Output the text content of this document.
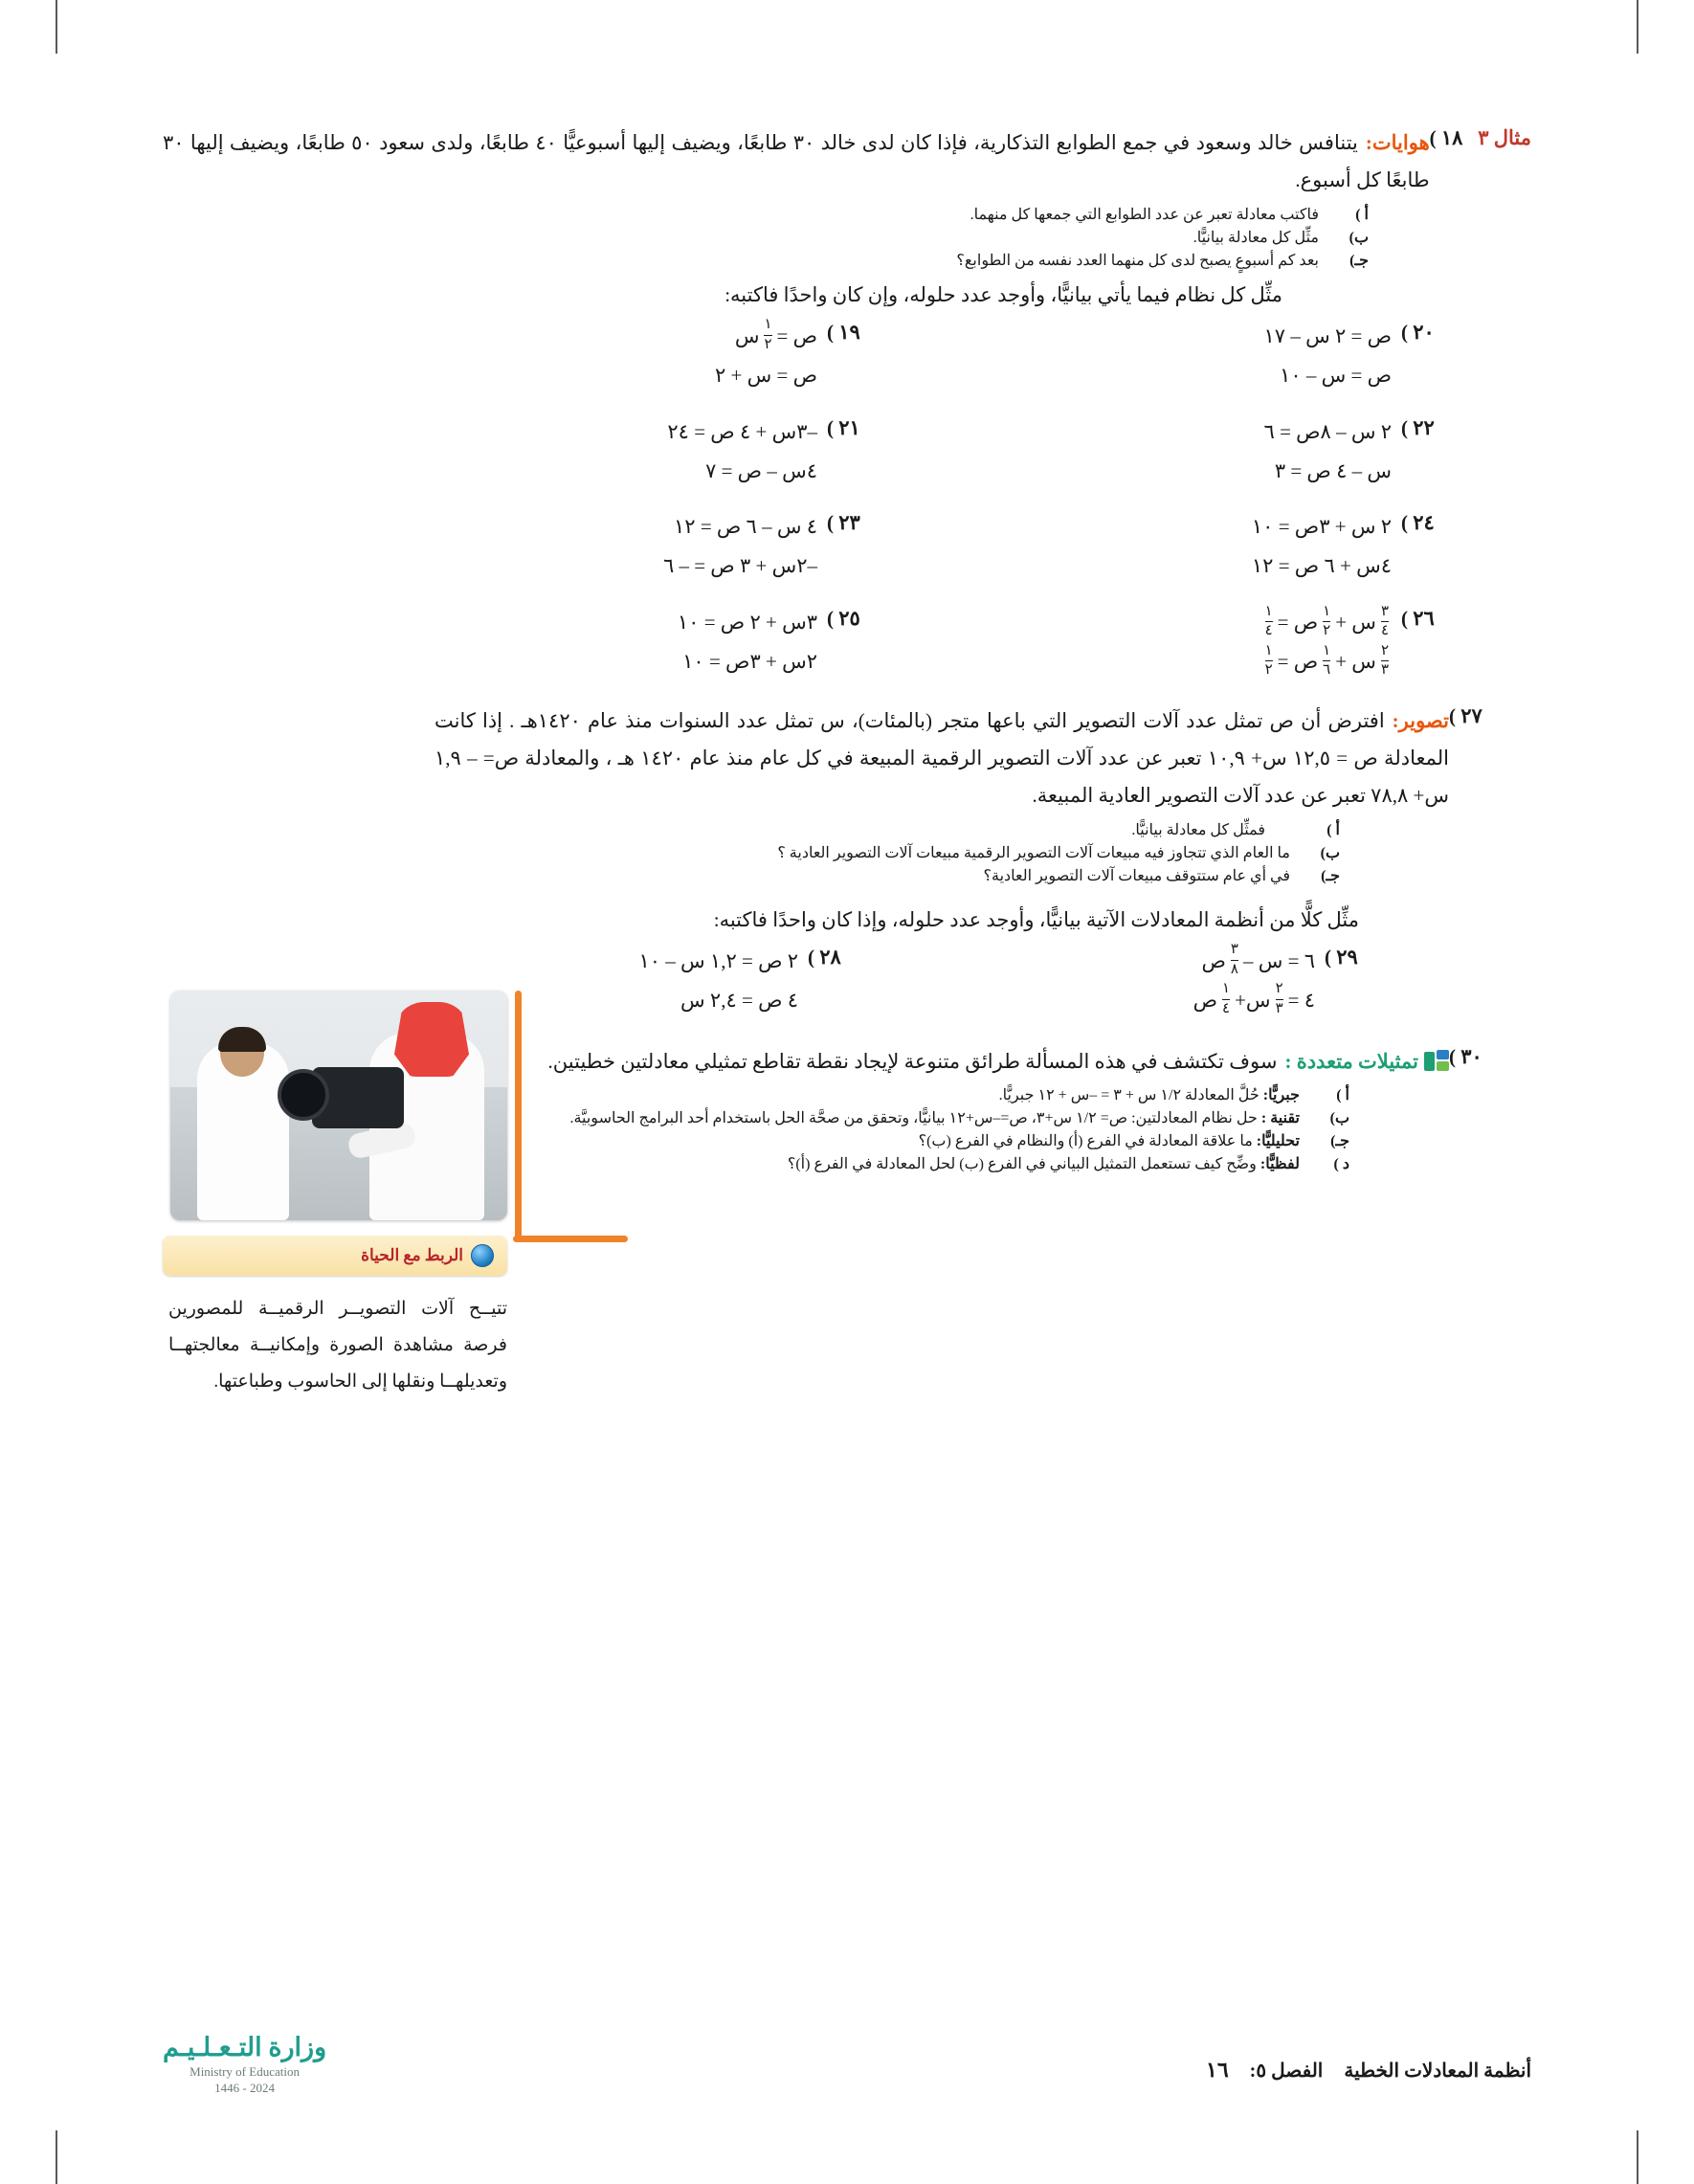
مثال ٣   ١٨ )
هوايات:يتنافس خالد وسعود في جمع الطوابع التذكارية، فإذا كان لدى خالد ٣٠ طابعًا، ويضيف إليها أسبوعيًّا ٤٠ طابعًا، ولدى سعود ٥٠ طابعًا، ويضيف إليها ٣٠ طابعًا كل أسبوع.
أ )
فاكتب معادلة تعبر عن عدد الطوابع التي جمعها كل منهما.
ب)
مثِّل كل معادلة بيانيًّا.
جـ)
بعد كم أسبوعٍ يصبح لدى كل منهما العدد نفسه من الطوابع؟
مثِّل كل نظام فيما يأتي بيانيًّا، وأوجد عدد حلوله، وإن كان واحدًا فاكتبه:
٢٠ )
ص = ٢ س – ١٧
ص = س – ١٠
١٩ )
ص =
$\frac{١}{٢}$
س
ص = س + ٢
٢٢ )
٢ س – ٨ص = ٦
س – ٤ ص = ٣
٢١ )
–٣س + ٤ ص = ٢٤
٤س – ص = ٧
٢٤ )
٢ س + ٣ص = ١٠
٤س + ٦ ص = ١٢
٢٣ )
٤ س – ٦ ص = ١٢
–٢س + ٣ ص = – ٦
٢٦ )
$\frac{٣}{٤}$
س +
$\frac{١}{٢}$
ص =
$\frac{١}{٤}$
$\frac{٢}{٣}$
س +
$\frac{١}{٦}$
ص =
$\frac{١}{٢}$
٢٥ )
٣س + ٢ ص = ١٠
٢س + ٣ص = ١٠
٢٧ )
تصوير:افترض أن ص تمثل عدد آلات التصوير التي باعها متجر (بالمئات)، س تمثل عدد السنوات منذ عام ١٤٢٠هـ . إذا كانت المعادلة ص = ١٢,٥ س+ ١٠,٩ تعبر عن عدد آلات التصوير الرقمية المبيعة في كل عام منذ عام ١٤٢٠ هـ ، والمعادلة ص= – ١,٩ س+ ٧٨,٨ تعبر عن عدد آلات التصوير العادية المبيعة.
أ )
فمثِّل كل معادلة بيانيًّا.
ب)
ما العام الذي تتجاوز فيه مبيعات آلات التصوير الرقمية مبيعات آلات التصوير العادية ؟
جـ)
في أي عام ستتوقف مبيعات آلات التصوير العادية؟
مثِّل كلًّا من أنظمة المعادلات الآتية بيانيًّا، وأوجد عدد حلوله، وإذا كان واحدًا فاكتبه:
٢٩ )
٦ = س –
$\frac{٣}{٨}$
ص
٤ =
$\frac{٢}{٣}$
س+
$\frac{١}{٤}$
ص
٢٨ )
٢ ص = ١,٢ س – ١٠
٤ ص = ٢,٤ س
٣٠ )
تمثيلات متعددة :سوف تكتشف في هذه المسألة طرائق متنوعة لإيجاد نقطة تقاطع تمثيلي معادلتين خطيتين.
أ )
جبريًّا: حُلَّ المعادلة ١/٢ س + ٣ = –س + ١٢ جبريًّا.
ب)
تقنية : حل نظام المعادلتين: ص= ١/٢ س+٣، ص=–س+١٢ بيانيًّا، وتحقق من صحَّة الحل باستخدام أحد البرامج الحاسوبيَّة.
جـ)
تحليليًّا: ما علاقة المعادلة في الفرع (أ) والنظام في الفرع (ب)؟
د )
لفظيًّا: وضِّح كيف تستعمل التمثيل البياني في الفرع (ب) لحل المعادلة في الفرع (أ)؟
الربط مع الحياة
تتيــح آلات التصويــر الرقميــة للمصورين فرصة مشاهدة الصورة وإمكانيــة معالجتهــا وتعديلهــا ونقلها إلى الحاسوب وطباعتها.
وزارة التـعـلـيـم
Ministry of Education
2024 - 1446
أنظمة المعادلات الخطية
الفصل ٥:
١٦
